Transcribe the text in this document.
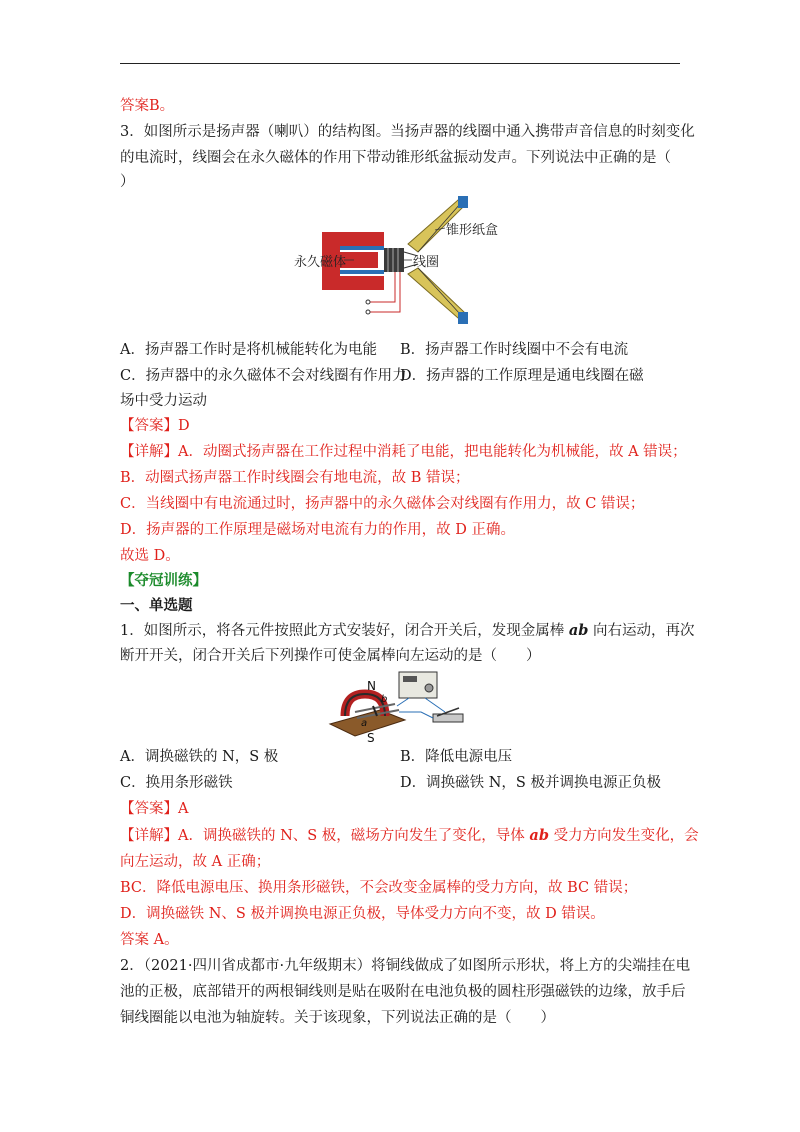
答案B。
3．如图所示是扬声器（喇叭）的结构图。当扬声器的线圈中通入携带声音信息的时刻变化
的电流时，线圈会在永久磁体的作用下带动锥形纸盆振动发声。下列说法中正确的是（
）
锥形纸盒
永久磁体	线圈
A．扬声器工作时是将机械能转化为电能 B．扬声器工作时线圈中不会有电流
C．扬声器中的永久磁体不会对线圈有作用力
D．扬声器的工作原理是通电线圈在磁
场中受力运动
【答案】D
【详解】A．动圈式扬声器在工作过程中消耗了电能，把电能转化为机械能，故 A 错误；
B．动圈式扬声器工作时线圈会有地电流，故 B 错误；
C．当线圈中有电流通过时，扬声器中的永久磁体会对线圈有作用力，故 C 错误；
D．扬声器的工作原理是磁场对电流有力的作用，故 D 正确。
故选 D。
【夺冠训练】
一、单选题
1．如图所示，将各元件按照此方式安装好，闭合开关后，发现金属棒 ab 向右运动，再次
断开开关，闭合开关后下列操作可使金属棒向左运动的是（　　）
N
S
b
a
A．调换磁铁的 N，S 极	B．降低电源电压
C．换用条形磁铁	D．调换磁铁 N，S 极并调换电源正负极
【答案】A
【详解】A．调换磁铁的 N、S 极，磁场方向发生了变化，导体 ab 受力方向发生变化，会
向左运动，故 A 正确；
BC．降低电源电压、换用条形磁铁，不会改变金属棒的受力方向，故 BC 错误；
D．调换磁铁 N、S 极并调换电源正负极，导体受力方向不变，故 D 错误。
答案 A。
2．（2021·四川省成都市·九年级期末）将铜线做成了如图所示形状，将上方的尖端挂在电
池的正极，底部错开的两根铜线则是贴在吸附在电池负极的圆柱形强磁铁的边缘，放手后
铜线圈能以电池为轴旋转。关于该现象，下列说法正确的是（　　）
